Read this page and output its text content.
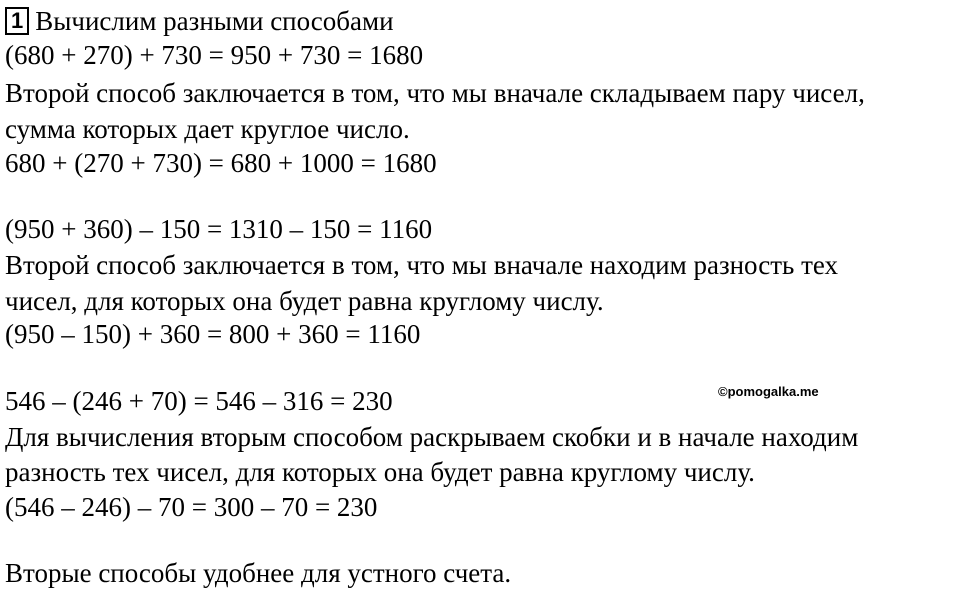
1 Вычислим разными способами
(680 + 270) + 730 = 950 + 730 = 1680
Второй способ заключается в том, что мы вначале складываем пару чисел,
сумма которых дает круглое число.
680 + (270 + 730) = 680 + 1000 = 1680
(950 + 360) – 150 = 1310 – 150 = 1160
Второй способ заключается в том, что мы вначале находим разность тех
чисел, для которых она будет равна круглому числу.
(950 – 150) + 360 = 800 + 360 = 1160
©pomogalka.me
546 – (246 + 70) = 546 – 316 = 230
Для вычисления вторым способом раскрываем скобки и в начале находим
разность тех чисел, для которых она будет равна круглому числу.
(546 – 246) – 70 = 300 – 70 = 230
Вторые способы удобнее для устного счета.
